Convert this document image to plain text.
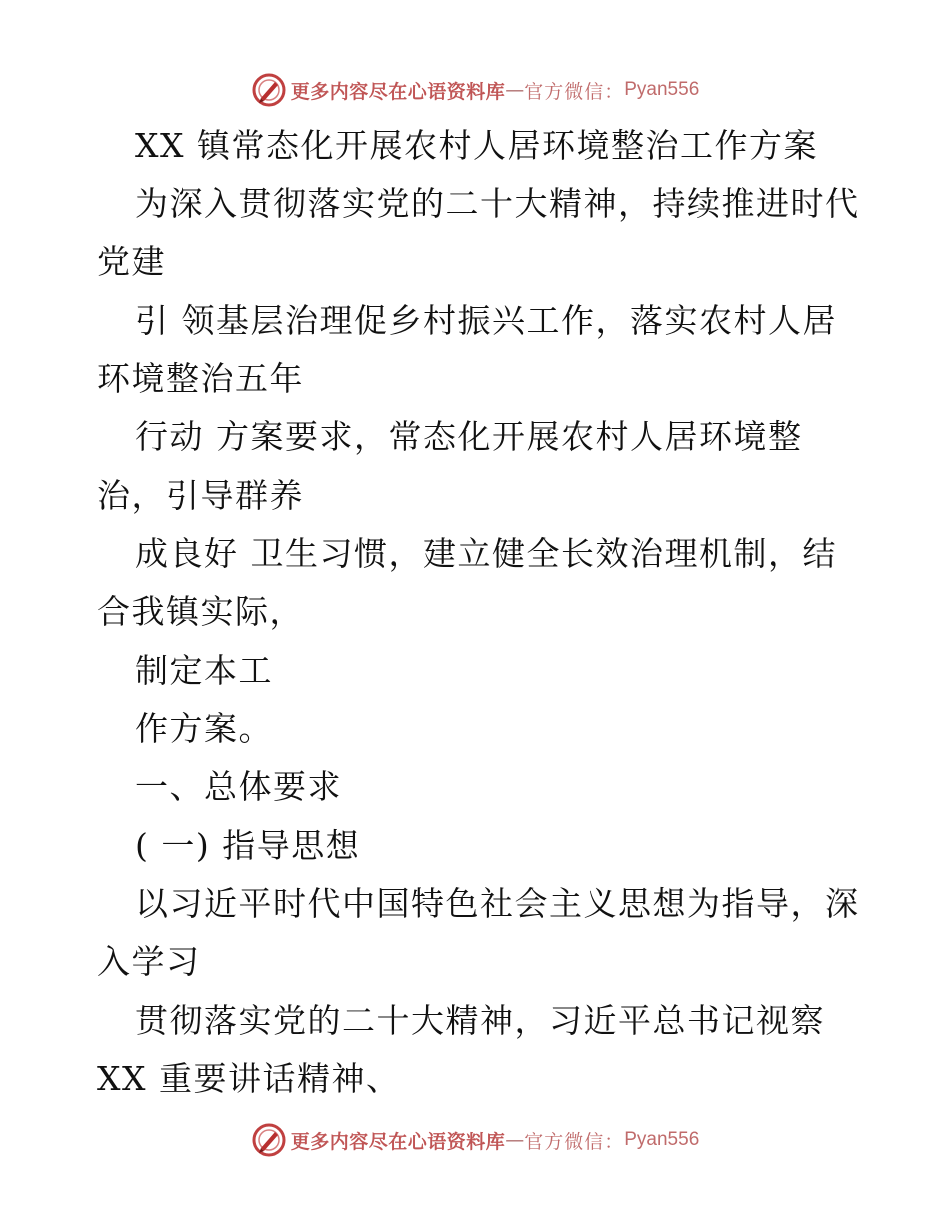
更多内容尽在心语资料库 — 官方微信： Pyan556
XX 镇常态化开展农村人居环境整治工作方案
为深入贯彻落实党的二十大精神，持续推进时代
党建
引 领基层治理促乡村振兴工作，落实农村人居
环境整治五年
行动 方案要求，常态化开展农村人居环境整
治，引导群养
成良好 卫生习惯，建立健全长效治理机制，结
合我镇实际，
制定本工
作方案。
一、总体要求
( 一) 指导思想
以习近平时代中国特色社会主义思想为指导，深
入学习
贯彻落实党的二十大精神，习近平总书记视察
XX 重要讲话精神、
更多内容尽在心语资料库 — 官方微信： Pyan556
